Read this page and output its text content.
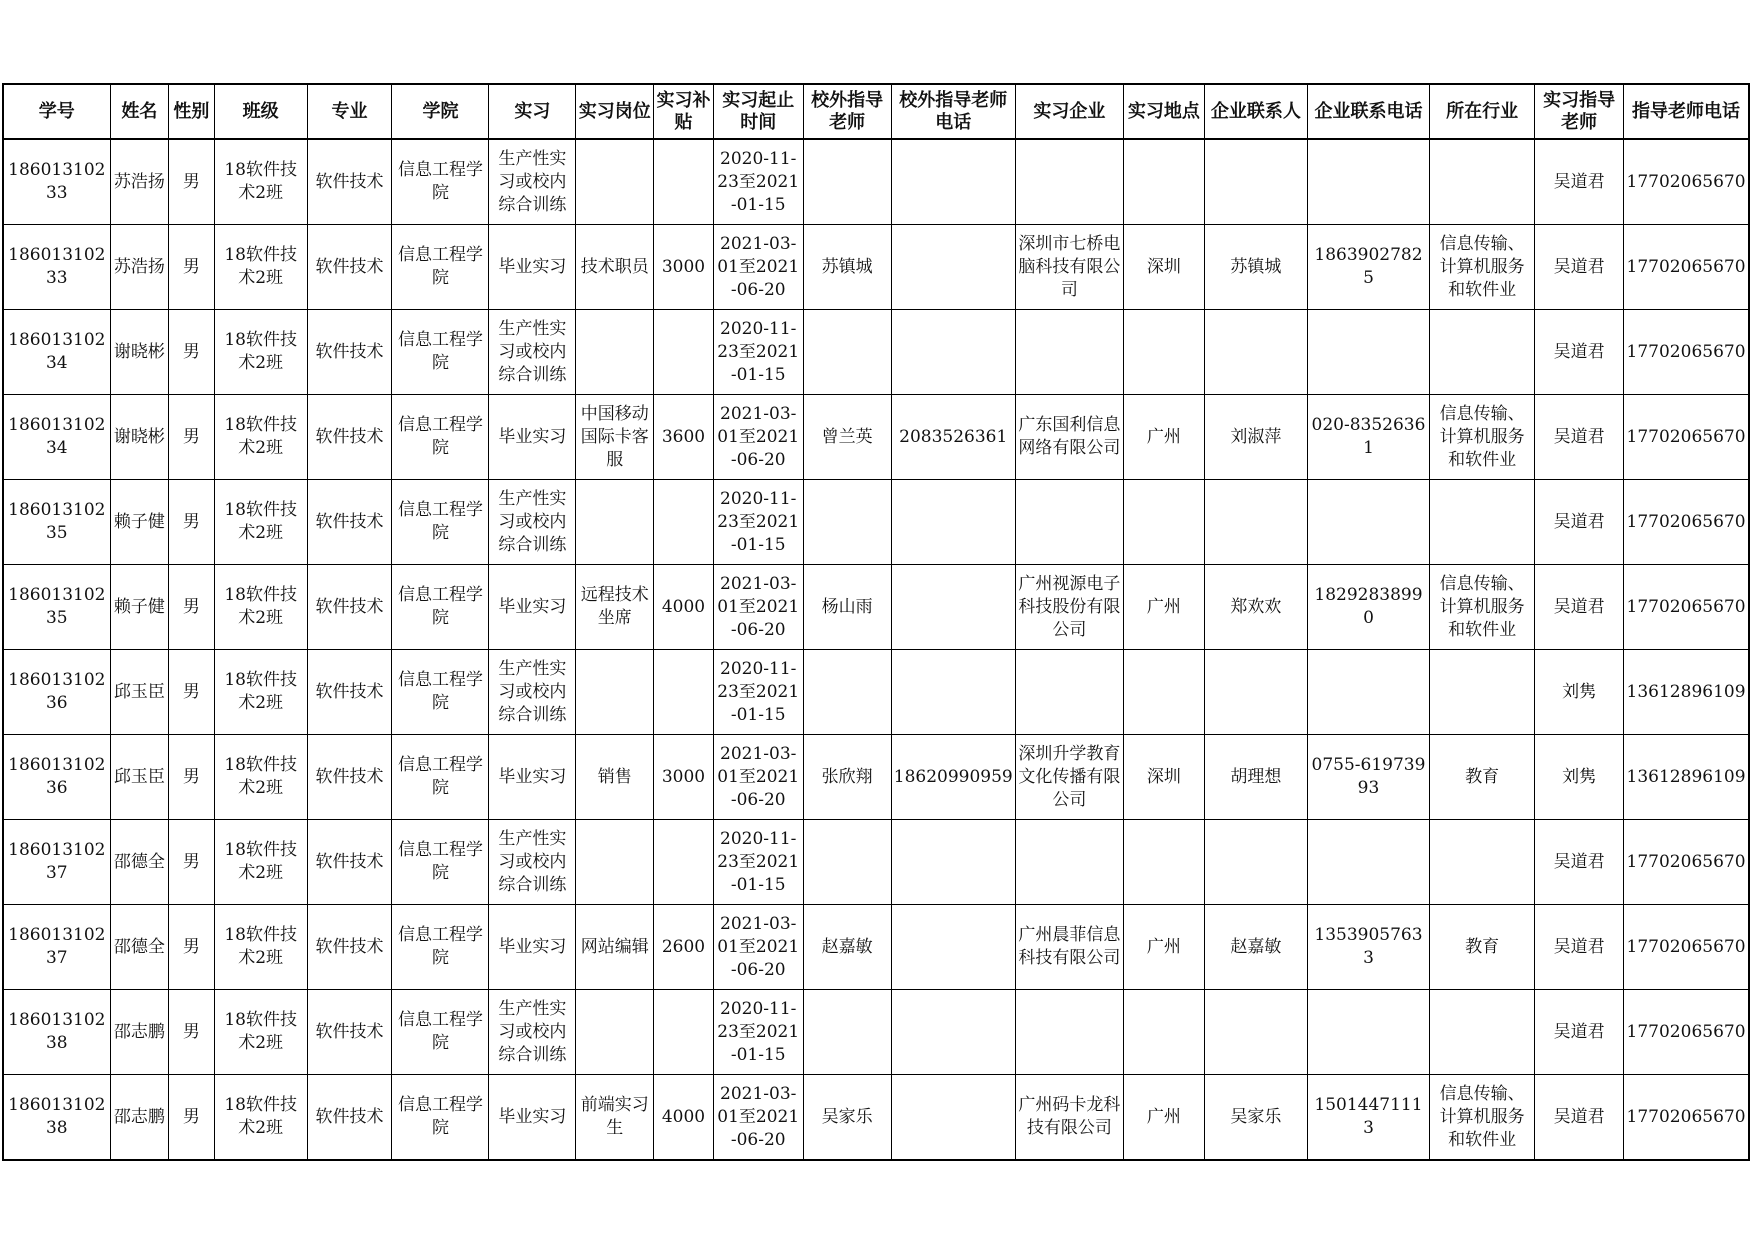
学号	姓名	性别	班级	专业	学院	实习	实习岗位	实习补贴	实习起止时间	校外指导老师	校外指导老师电话	实习企业	实习地点	企业联系人	企业联系电话	所在行业	实习指导老师	指导老师电话

18601310233	苏浩扬	男	18软件技术2班	软件技术	信息工程学院	生产性实习或校内综合训练			2020-11-23至2021-01-15								吴道君	17702065670

18601310233	苏浩扬	男	18软件技术2班	软件技术	信息工程学院	毕业实习	技术职员	3000	2021-03-01至2021-06-20	苏镇城		深圳市七桥电脑科技有限公司	深圳	苏镇城	18639027825	信息传输、计算机服务和软件业	吴道君	17702065670

18601310234	谢晓彬	男	18软件技术2班	软件技术	信息工程学院	生产性实习或校内综合训练			2020-11-23至2021-01-15								吴道君	17702065670

18601310234	谢晓彬	男	18软件技术2班	软件技术	信息工程学院	毕业实习	中国移动国际卡客服	3600	2021-03-01至2021-06-20	曾兰英	2083526361	广东国利信息网络有限公司	广州	刘淑萍	020-83526361	信息传输、计算机服务和软件业	吴道君	17702065670

18601310235	赖子健	男	18软件技术2班	软件技术	信息工程学院	生产性实习或校内综合训练			2020-11-23至2021-01-15								吴道君	17702065670

18601310235	赖子健	男	18软件技术2班	软件技术	信息工程学院	毕业实习	远程技术坐席	4000	2021-03-01至2021-06-20	杨山雨		广州视源电子科技股份有限公司	广州	郑欢欢	18292838990	信息传输、计算机服务和软件业	吴道君	17702065670

18601310236	邱玉臣	男	18软件技术2班	软件技术	信息工程学院	生产性实习或校内综合训练			2020-11-23至2021-01-15								刘隽	13612896109

18601310236	邱玉臣	男	18软件技术2班	软件技术	信息工程学院	毕业实习	销售	3000	2021-03-01至2021-06-20	张欣翔	18620990959	深圳升学教育文化传播有限公司	深圳	胡理想	0755-61973993	教育	刘隽	13612896109

18601310237	邵德全	男	18软件技术2班	软件技术	信息工程学院	生产性实习或校内综合训练			2020-11-23至2021-01-15								吴道君	17702065670

18601310237	邵德全	男	18软件技术2班	软件技术	信息工程学院	毕业实习	网站编辑	2600	2021-03-01至2021-06-20	赵嘉敏		广州晨菲信息科技有限公司	广州	赵嘉敏	13539057633	教育	吴道君	17702065670

18601310238	邵志鹏	男	18软件技术2班	软件技术	信息工程学院	生产性实习或校内综合训练			2020-11-23至2021-01-15								吴道君	17702065670

18601310238	邵志鹏	男	18软件技术2班	软件技术	信息工程学院	毕业实习	前端实习生	4000	2021-03-01至2021-06-20	吴家乐		广州码卡龙科技有限公司	广州	吴家乐	15014471113	信息传输、计算机服务和软件业	吴道君	17702065670
